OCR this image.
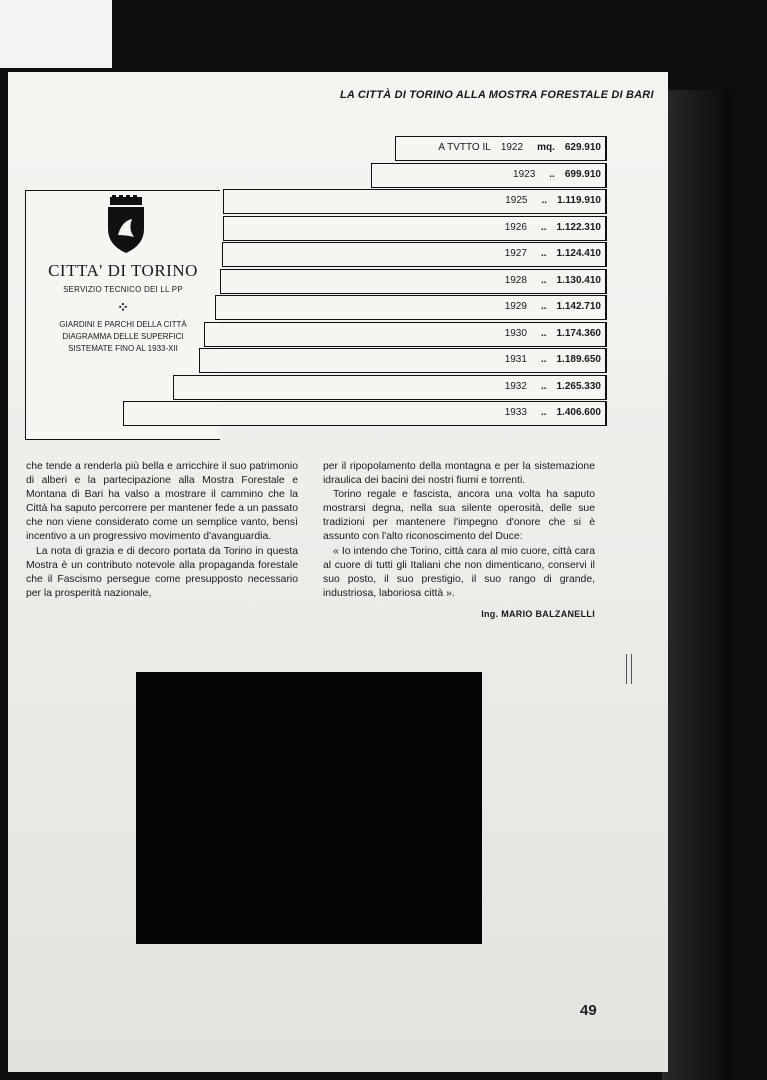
LA CITTÀ DI TORINO ALLA MOSTRA FORESTALE DI BARI
CITTA' DI TORINO
SERVIZIO TECNICO DEI LL PP
⁘
GIARDINI E PARCHI DELLA CITTÀ
DIAGRAMMA DELLE SUPERFICI
SISTEMATE FINO AL 1933-XII
A TVTTO IL 1922 mq. 629.910
1923 .. 699.910
1925 .. 1.119.910
1926 .. 1.122.310
1927 .. 1.124.410
1928 .. 1.130.410
1929 .. 1.142.710
1930 .. 1.174.360
1931 .. 1.189.650
1932 .. 1.265.330
1933 .. 1.406.600

che tende a renderla più bella e arricchire il suo patrimonio di alberi e la partecipazione alla Mostra Forestale e Montana di Bari ha valso a mostrare il cammino che la Città ha saputo percorrere per mantener fede a un passato che non viene considerato come un semplice vanto, bensì incentivo a un progressivo movimento d'avanguardia.

La nota di grazia e di decoro portata da Torino in questa Mostra è un contributo notevole alla propaganda forestale che il Fascismo persegue come presupposto necessario per la prosperità nazionale,

per il ripopolamento della montagna e per la sistemazione idraulica dei bacini dei nostri fiumi e torrenti.

Torino regale e fascista, ancora una volta ha saputo mostrarsi degna, nella sua silente operosità, delle sue tradizioni per mantenere l'impegno d'onore che si è assunto con l'alto riconoscimento del Duce:

« Io intendo che Torino, città cara al mio cuore, città cara al cuore di tutti gli Italiani che non dimenticano, conservi il suo posto, il suo prestigio, il suo rango di grande, industriosa, laboriosa città ».

Ing. MARIO BALZANELLI
49
